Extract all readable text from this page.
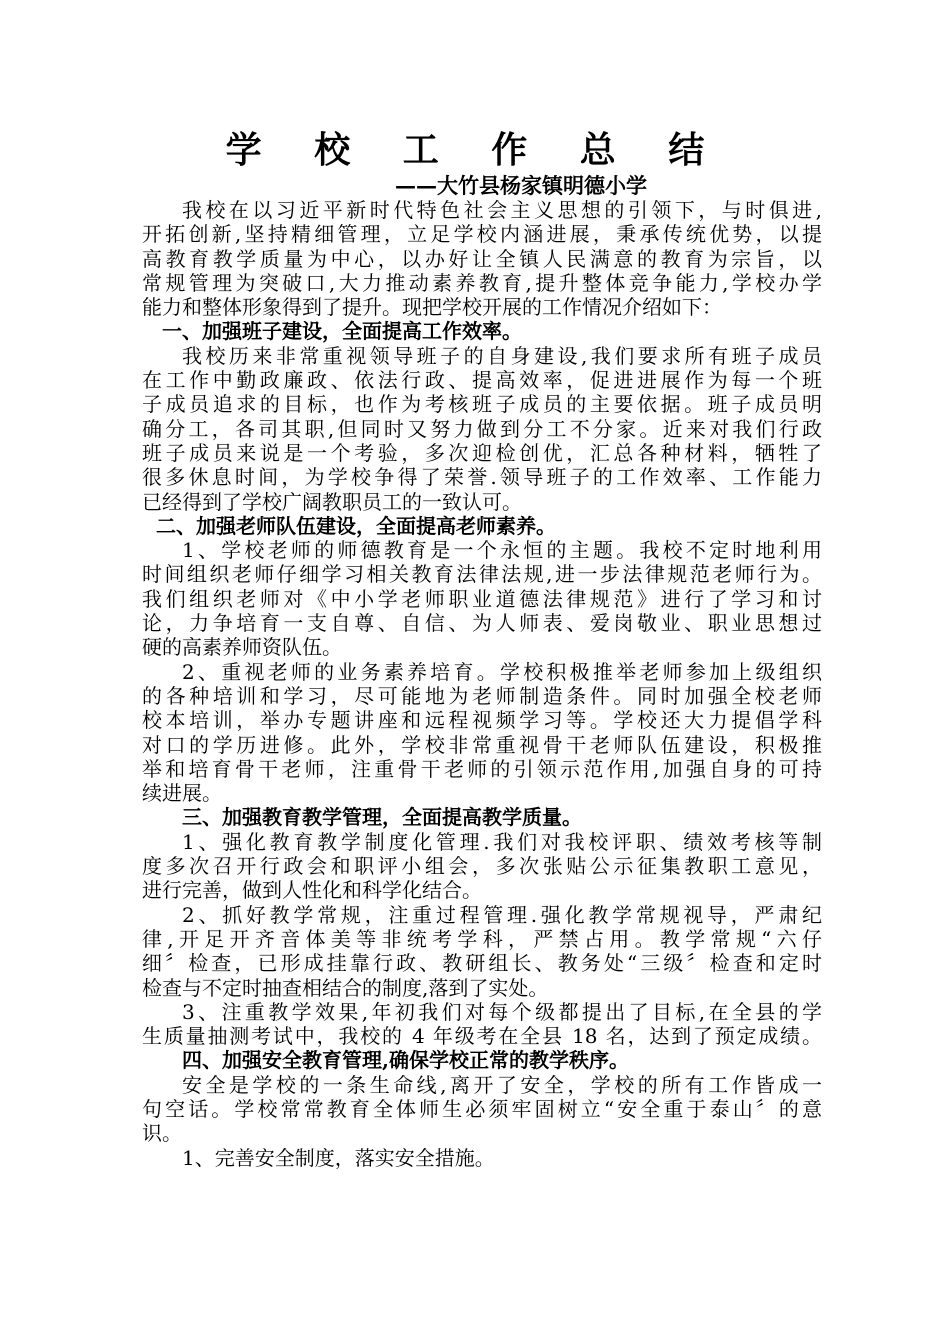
学 校 工 作 总 结
——大竹县杨家镇明德小学
我校在以习近平新时代特色社会主义思想的引领下，与时俱进,
开拓创新,坚持精细管理，立足学校内涵进展，秉承传统优势，以提
高教育教学质量为中心，以办好让全镇人民满意的教育为宗旨，以
常规管理为突破口,大力推动素养教育,提升整体竞争能力,学校办学
能力和整体形象得到了提升。现把学校开展的工作情况介绍如下：
一、加强班子建设，全面提高工作效率。
我校历来非常重视领导班子的自身建设,我们要求所有班子成员
在工作中勤政廉政、依法行政、提高效率，促进进展作为每一个班
子成员追求的目标，也作为考核班子成员的主要依据。班子成员明
确分工，各司其职,但同时又努力做到分工不分家。近来对我们行政
班子成员来说是一个考验，多次迎检创优，汇总各种材料，牺牲了
很多休息时间，为学校争得了荣誉.领导班子的工作效率、工作能力
已经得到了学校广阔教职员工的一致认可。
二、加强老师队伍建设，全面提高老师素养。
1、学校老师的师德教育是一个永恒的主题。我校不定时地利用
时间组织老师仔细学习相关教育法律法规,进一步法律规范老师行为。
我们组织老师对《中小学老师职业道德法律规范》进行了学习和讨
论，力争培育一支自尊、自信、为人师表、爱岗敬业、职业思想过
硬的高素养师资队伍。
2、重视老师的业务素养培育。学校积极推举老师参加上级组织
的各种培训和学习，尽可能地为老师制造条件。同时加强全校老师
校本培训，举办专题讲座和远程视频学习等。学校还大力提倡学科
对口的学历进修。此外，学校非常重视骨干老师队伍建设，积极推
举和培育骨干老师，注重骨干老师的引领示范作用,加强自身的可持
续进展。
三、加强教育教学管理，全面提高教学质量。
1、强化教育教学制度化管理.我们对我校评职、绩效考核等制
度多次召开行政会和职评小组会，多次张贴公示征集教职工意见，
进行完善，做到人性化和科学化结合。
2、抓好教学常规，注重过程管理.强化教学常规视导，严肃纪
律,开足开齐音体美等非统考学科，严禁占用。教学常规“六仔
细〞检查，已形成挂靠行政、教研组长、教务处“三级〞检查和定时
检查与不定时抽查相结合的制度,落到了实处。
3、注重教学效果,年初我们对每个级都提出了目标,在全县的学
生质量抽测考试中，我校的 4 年级考在全县 18 名，达到了预定成绩。
四、加强安全教育管理,确保学校正常的教学秩序。
安全是学校的一条生命线,离开了安全，学校的所有工作皆成一
句空话。学校常常教育全体师生必须牢固树立“安全重于泰山〞的意
识。
1、完善安全制度，落实安全措施。
